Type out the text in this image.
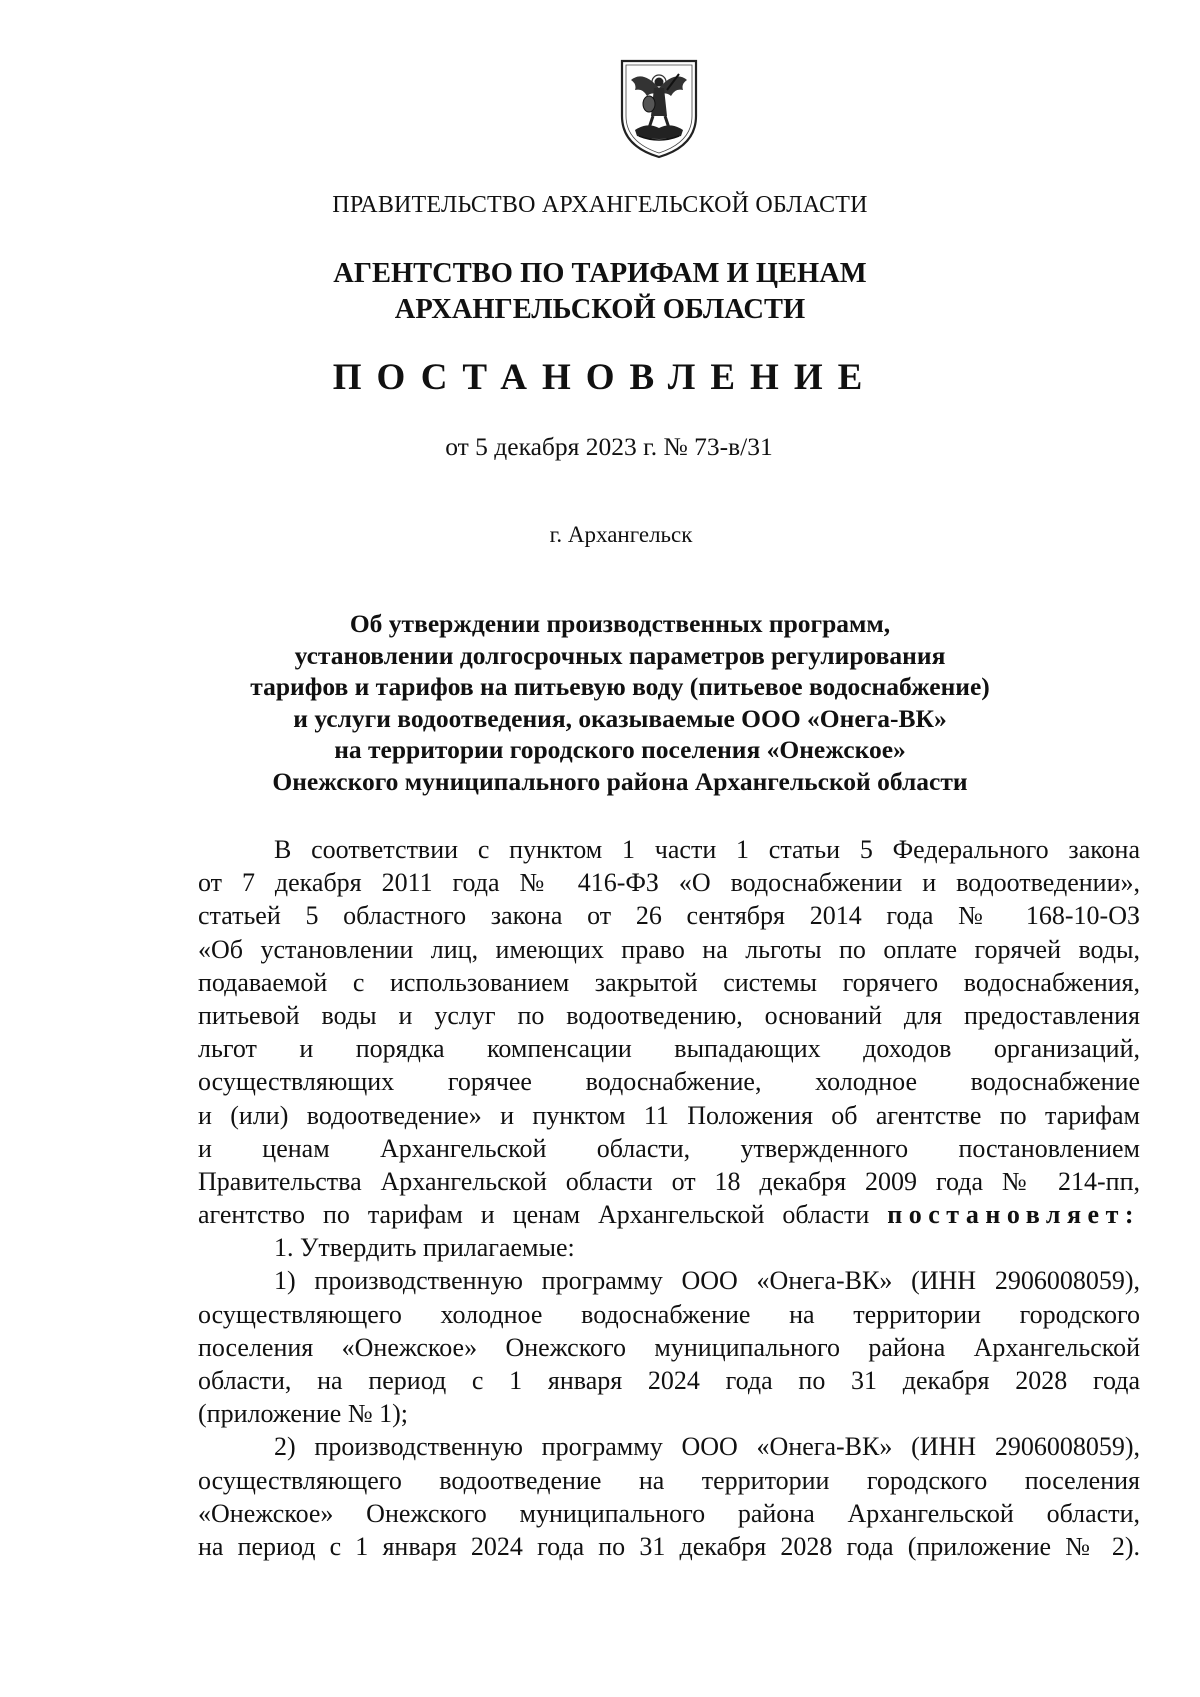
ПРАВИТЕЛЬСТВО АРХАНГЕЛЬСКОЙ ОБЛАСТИ
АГЕНТСТВО ПО ТАРИФАМ И ЦЕНАМ
АРХАНГЕЛЬСКОЙ ОБЛАСТИ
ПОСТАНОВЛЕНИЕ
от 5 декабря 2023 г. № 73-в/31
г. Архангельск
Об утверждении производственных программ,
установлении долгосрочных параметров регулирования
тарифов и тарифов на питьевую воду (питьевое водоснабжение)
и услуги водоотведения, оказываемые ООО «Онега-ВК»
на территории городского поселения «Онежское»
Онежского муниципального района Архангельской области
В соответствии с пунктом 1 части 1 статьи 5 Федерального закона
от 7 декабря 2011 года № 416-ФЗ «О водоснабжении и водоотведении»,
статьей 5 областного закона от 26 сентября 2014 года № 168-10-ОЗ
«Об установлении лиц, имеющих право на льготы по оплате горячей воды,
подаваемой с использованием закрытой системы горячего водоснабжения,
питьевой воды и услуг по водоотведению, оснований для предоставления
льгот и порядка компенсации выпадающих доходов организаций,
осуществляющих горячее водоснабжение, холодное водоснабжение
и (или) водоотведение» и пунктом 11 Положения об агентстве по тарифам
и ценам Архангельской области, утвержденного постановлением
Правительства Архангельской области от 18 декабря 2009 года № 214-пп,
агентство по тарифам и ценам Архангельской области постановляет:
1. Утвердить прилагаемые:
1) производственную программу ООО «Онега-ВК» (ИНН 2906008059),
осуществляющего холодное водоснабжение на территории городского
поселения «Онежское» Онежского муниципального района Архангельской
области, на период с 1 января 2024 года по 31 декабря 2028 года
(приложение № 1);
2) производственную программу ООО «Онега-ВК» (ИНН 2906008059),
осуществляющего водоотведение на территории городского поселения
«Онежское» Онежского муниципального района Архангельской области,
на период с 1 января 2024 года по 31 декабря 2028 года (приложение № 2).
